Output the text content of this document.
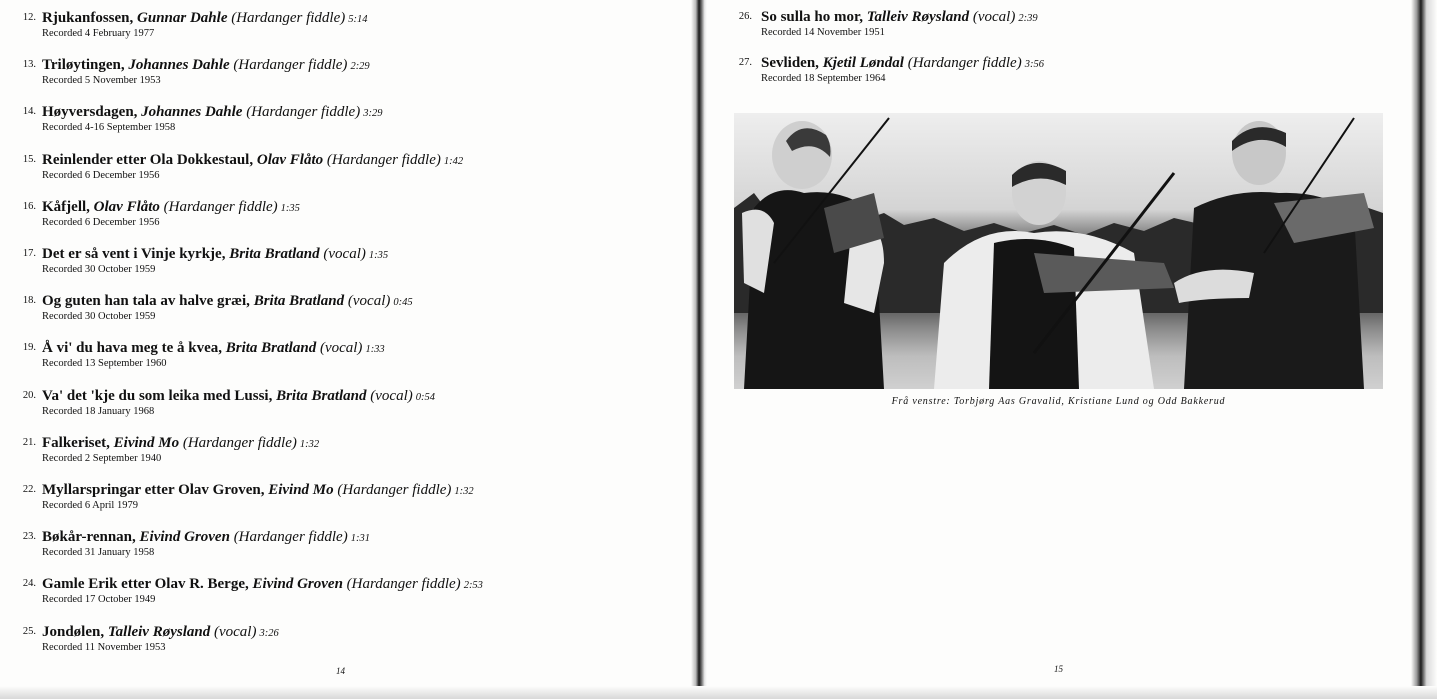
12. Rjukanfossen, Gunnar Dahle (Hardanger fiddle) 5:14
Recorded 4 February 1977
13. Triløytingen, Johannes Dahle (Hardanger fiddle) 2:29
Recorded 5 November 1953
14. Høyversdagen, Johannes Dahle (Hardanger fiddle) 3:29
Recorded 4-16 September 1958
15. Reinlender etter Ola Dokkestaul, Olav Flåto (Hardanger fiddle) 1:42
Recorded 6 December 1956
16. Kåfjell, Olav Flåto (Hardanger fiddle) 1:35
Recorded 6 December 1956
17. Det er så vent i Vinje kyrkje, Brita Bratland (vocal) 1:35
Recorded 30 October 1959
18. Og guten han tala av halve græi, Brita Bratland (vocal) 0:45
Recorded 30 October 1959
19. Å vi' du hava meg te å kvea, Brita Bratland (vocal) 1:33
Recorded 13 September 1960
20. Va' det 'kje du som leika med Lussi, Brita Bratland (vocal) 0:54
Recorded 18 January 1968
21. Falkeriset, Eivind Mo (Hardanger fiddle) 1:32
Recorded 2 September 1940
22. Myllarspringar etter Olav Groven, Eivind Mo (Hardanger fiddle) 1:32
Recorded 6 April 1979
23. Bøkår-rennan, Eivind Groven (Hardanger fiddle) 1:31
Recorded 31 January 1958
24. Gamle Erik etter Olav R. Berge, Eivind Groven (Hardanger fiddle) 2:53
Recorded 17 October 1949
25. Jondølen, Talleiv Røysland (vocal) 3:26
Recorded 11 November 1953
14
26. So sulla ho mor, Talleiv Røysland (vocal) 2:39
Recorded 14 November 1951
27. Sevliden, Kjetil Løndal (Hardanger fiddle) 3:56
Recorded 18 September 1964
Frå venstre: Torbjørg Aas Gravalid, Kristiane Lund og Odd Bakkerud
15
